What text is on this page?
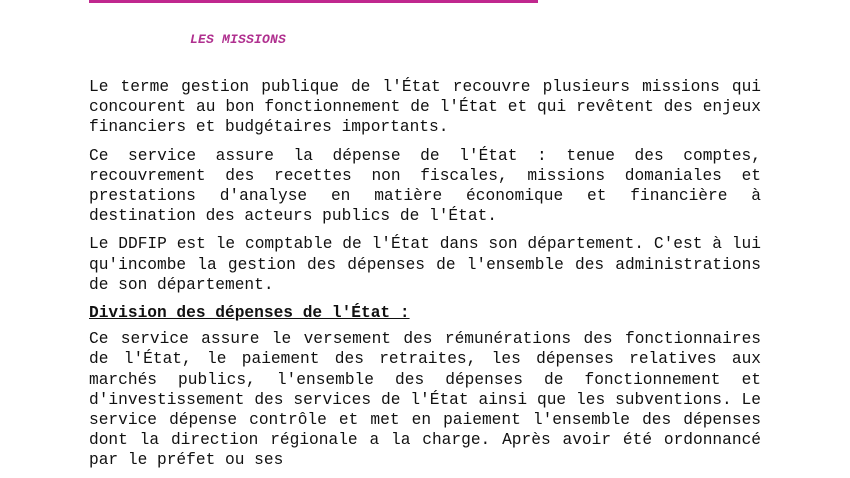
LES MISSIONS

Le terme gestion publique de l'État recouvre plusieurs missions qui concourent au bon fonctionnement de l'État et qui revêtent des enjeux financiers et budgétaires importants.

Ce service assure la dépense de l'État : tenue des comptes, recouvrement des recettes non fiscales, missions domaniales et prestations d'analyse en matière économique et financière à destination des acteurs publics de l'État.

Le DDFIP est le comptable de l'État dans son département. C'est à lui qu'incombe la gestion des dépenses de l'ensemble des administrations de son département.

Division des dépenses de l'État :

Ce service assure le versement des rémunérations des fonctionnaires de l'État, le paiement des retraites, les dépenses relatives aux marchés publics, l'ensemble des dépenses de fonctionnement et d'investissement des services de l'État ainsi que les subventions. Le service dépense contrôle et met en paiement l'ensemble des dépenses dont la direction régionale a la charge. Après avoir été ordonnancé par le préfet ou ses
